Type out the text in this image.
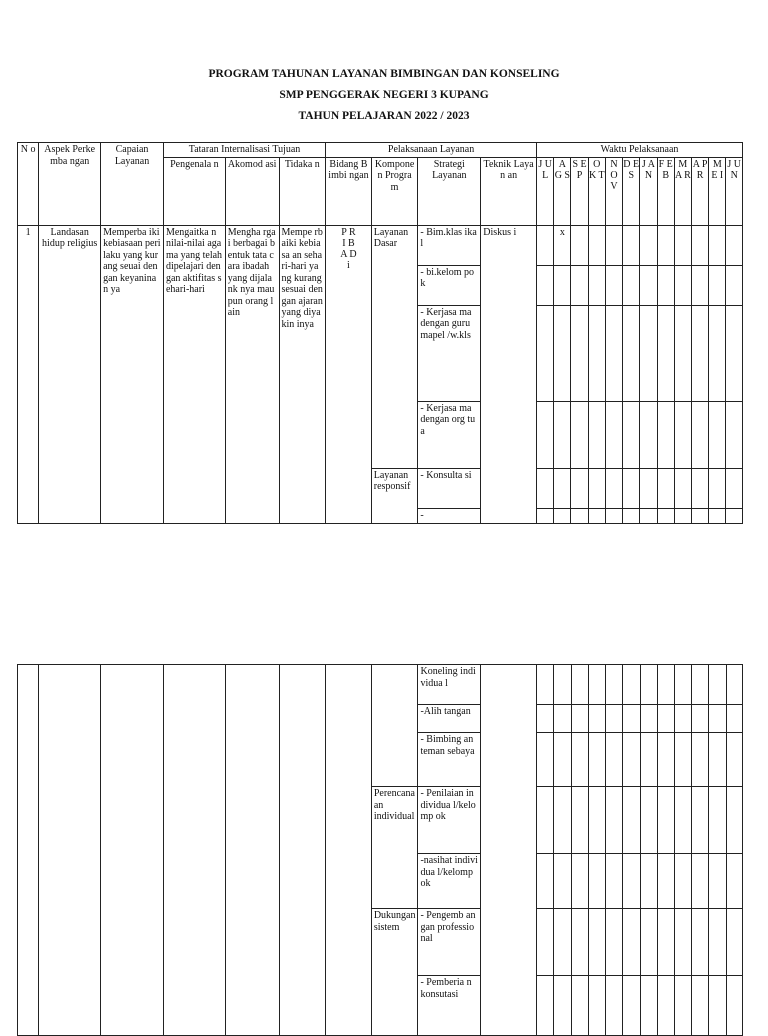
PROGRAM TAHUNAN LAYANAN BIMBINGAN DAN KONSELING
SMP PENGGERAK NEGERI 3 KUPANG
TAHUN PELAJARAN 2022 / 2023
N o	Aspek Perkemba ngan	Capaian Layanan	Tataran Internalisasi Tujuan			Pelaksanaan Layanan				Waktu Pelaksanaan											
			Pengenala n	Akomod asi	Tidaka n	Bidang Bimbi ngan	Kompone n Program	Strategi Layanan	Teknik Layan an	J U L	A G S	S E P	O K T	N O V	D E S	J A N	F E B	M A R	A P R	M E I	J U N
1	Landasan hidup religius	Memperba iki kebiasaan perilaku yang kurang seuai dengan keyaninan ya	Mengaitka n nilai-nilai agama yang telah dipelajari dengan aktifitas sehari-hari	Mengha rgai berbagai bentuk tata cara ibadah yang dijalank nya maupun orang lain	Mempe rbaiki kebiasa an sehari-hari yang kurang sesuai dengan ajaran yang diyakin inya	P R I B A D i	Layanan Dasar	- Bim.klas ikal	Diskus i		x										
								- bi.kelom pok													
								- Kerjasa ma dengan guru mapel /w.kls													
								- Kerjasa ma dengan org tua													
							Layanan responsif	- Konsulta si													
								-													
								Koneling individua l													
								-Alih tangan													
								- Bimbing an teman sebaya													
							Perencana an individual	- Penilaian individua l/kelomp ok													
								-nasihat individua l/kelomp ok													
							Dukungan sistem	- Pengemb angan professio nal													
								- Pemberia n konsutasi													
